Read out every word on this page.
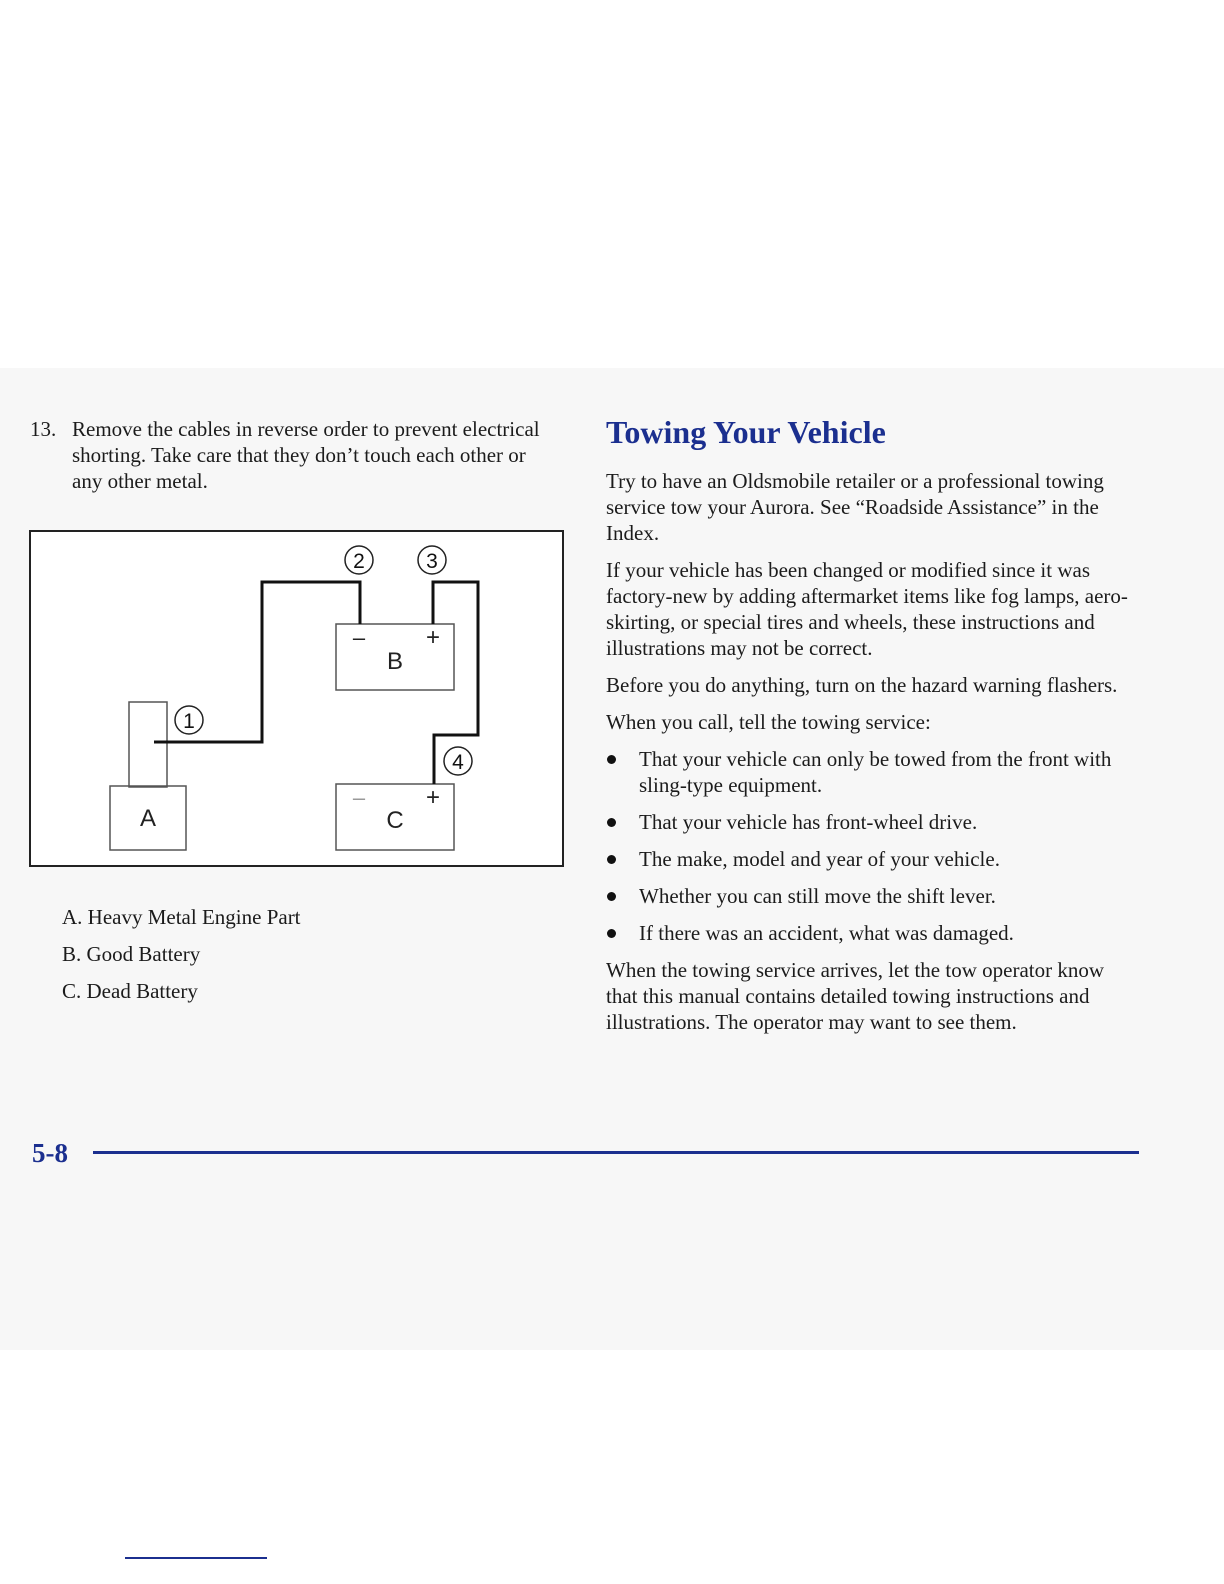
13. Remove the cables in reverse order to prevent electrical shorting. Take care that they don’t touch each other or any other metal.
A
B
–	+
C
–	+
1
2	3
4
A. Heavy Metal Engine Part
B. Good Battery
C. Dead Battery
Towing Your Vehicle

Try to have an Oldsmobile retailer or a professional towing service tow your Aurora. See “Roadside Assistance” in the Index.

If your vehicle has been changed or modified since it was factory-new by adding aftermarket items like fog lamps, aero-skirting, or special tires and wheels, these instructions and illustrations may not be correct.

Before you do anything, turn on the hazard warning flashers.

When you call, tell the towing service:

That your vehicle can only be towed from the front with sling-type equipment.
That your vehicle has front-wheel drive.
The make, model and year of your vehicle.
Whether you can still move the shift lever.
If there was an accident, what was damaged.

When the towing service arrives, let the tow operator know that this manual contains detailed towing instructions and illustrations. The operator may want to see them.

5-8
